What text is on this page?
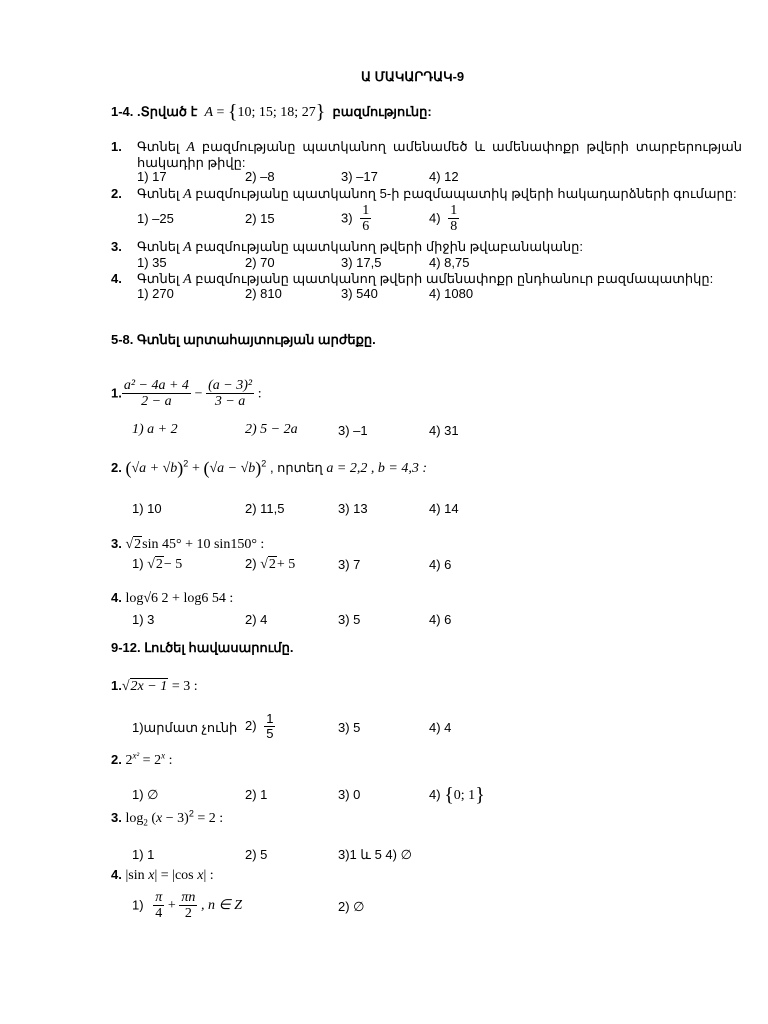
Ա ՄԱԿԱՐԴԱԿ-9
1-4. .Տրված է  A = {10; 15; 18; 27} բազմությունը:
1. Գտնել A բազմությանը պատկանող ամենամեծ և ամենափոքր թվերի տարբերության հակադիր թիվը:
1) 17	2) –8	3) –17	4) 12
2. Գտնել A բազմությանը պատկանող 5-ի բազմապատիկ թվերի հակադարձների գումարը:
1) –25	2) 15	$3) \frac{1}{6}$	$4) \frac{1}{8}$
3. Գտնել A բազմությանը պատկանող թվերի միջին թվաբանականը:
1) 35	2) 70	3) 17,5	4) 8,75
4. Գտնել A բազմությանը պատկանող թվերի ամենափոքր ընդհանուր բազմապատիկը:
1) 270	2) 810	3) 540	4) 1080
5-8. Գտնել արտահայտության արժեքը.
1. $\frac{\text{a² − 4a + 4}}{2 - a} - \frac{\text{(a − 3)²}}{3 - a}$ :
1) a + 2	2) 5 − 2a	3) –1	4) 31
2. $(√a + √b)^2 + (√a - √b)^2$ , որտեղ a = 2,2 , b = 4,3 :
1) 10	2) 11,5	3) 13	4) 14
3. √2sin 45° + 10 sin150° :
1) √2− 5	2) √2+ 5	3) 7	4) 6
4. log√6 2 + log6 54 :
1) 3	2) 4	3) 5	4) 6
9-12. Լուծել հավասարումը.
1.√2x − 1 = 3 :
1)արմատ չունի $2) \frac{1}{5}$	3) 5	4) 4
2. $2^{x^2} = 2^x$ :
1) ∅	2) 1	3) 0	4) {0; 1}
3. $\log_2 (x - 3)^2 = 2$ :
1) 1	2) 5	3)1 և 5 4) ∅
4. |sin x| = |cos x| :
$1) \frac{\pi}{4} + \frac{\pi n}{2}$ , n ∈ Z	2) ∅
